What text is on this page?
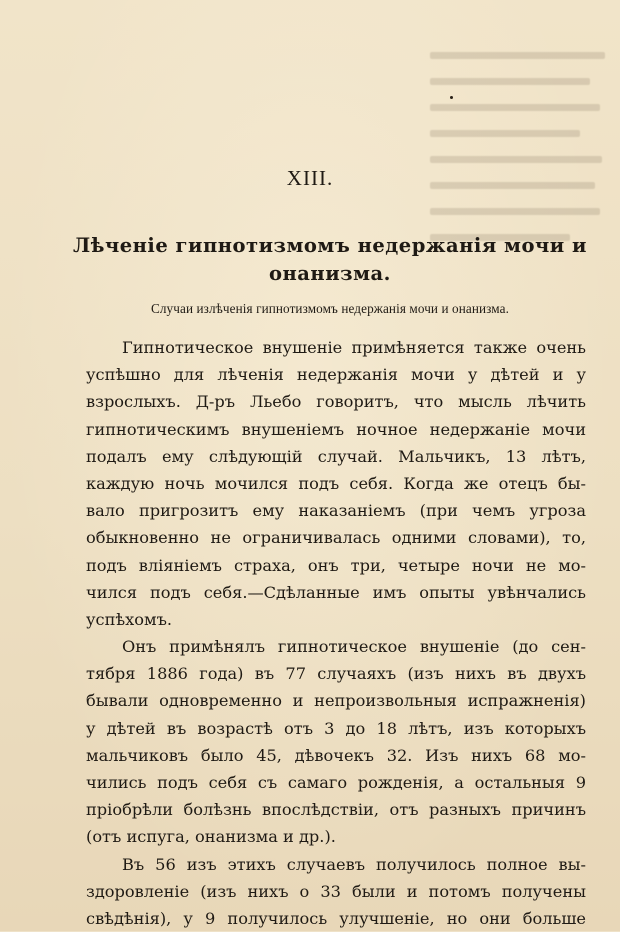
XIII.
Лѣченіе гипнотизмомъ недержанія мочи и
онанизма.
Случаи излѣченія гипнотизмомъ недержанія мочи и онанизма.
Гипнотическое внушеніе примѣняется также очень
успѣшно для лѣченія недержанія мочи у дѣтей и у
взрослыхъ. Д-ръ Льебо говоритъ, что мысль лѣчить
гипнотическимъ внушеніемъ ночное недержаніе мочи
подалъ ему слѣдующій случай. Мальчикъ, 13 лѣтъ,
каждую ночь мочился подъ себя. Когда же отецъ бы-
вало пригрозитъ ему наказаніемъ (при чемъ угроза
обыкновенно не ограничивалась одними словами), то,
подъ вліяніемъ страха, онъ три, четыре ночи не мо-
чился подъ себя.—Сдѣланные имъ опыты увѣнчались
успѣхомъ.
Онъ примѣнялъ гипнотическое внушеніе (до сен-
тября 1886 года) въ 77 случаяхъ (изъ нихъ въ двухъ
бывали одновременно и непроизвольныя испражненія)
у дѣтей въ возрастѣ отъ 3 до 18 лѣтъ, изъ которыхъ
мальчиковъ было 45, дѣвочекъ 32. Изъ нихъ 68 мо-
чились подъ себя съ самаго рожденія, а остальныя 9
пріобрѣли болѣзнь впослѣдствіи, отъ разныхъ причинъ
(отъ испуга, онанизма и др.).
Въ 56 изъ этихъ случаевъ получилось полное вы-
здоровленіе (изъ нихъ о 33 были и потомъ получены
свѣдѣнія), у 9 получилось улучшеніе, но они больше
